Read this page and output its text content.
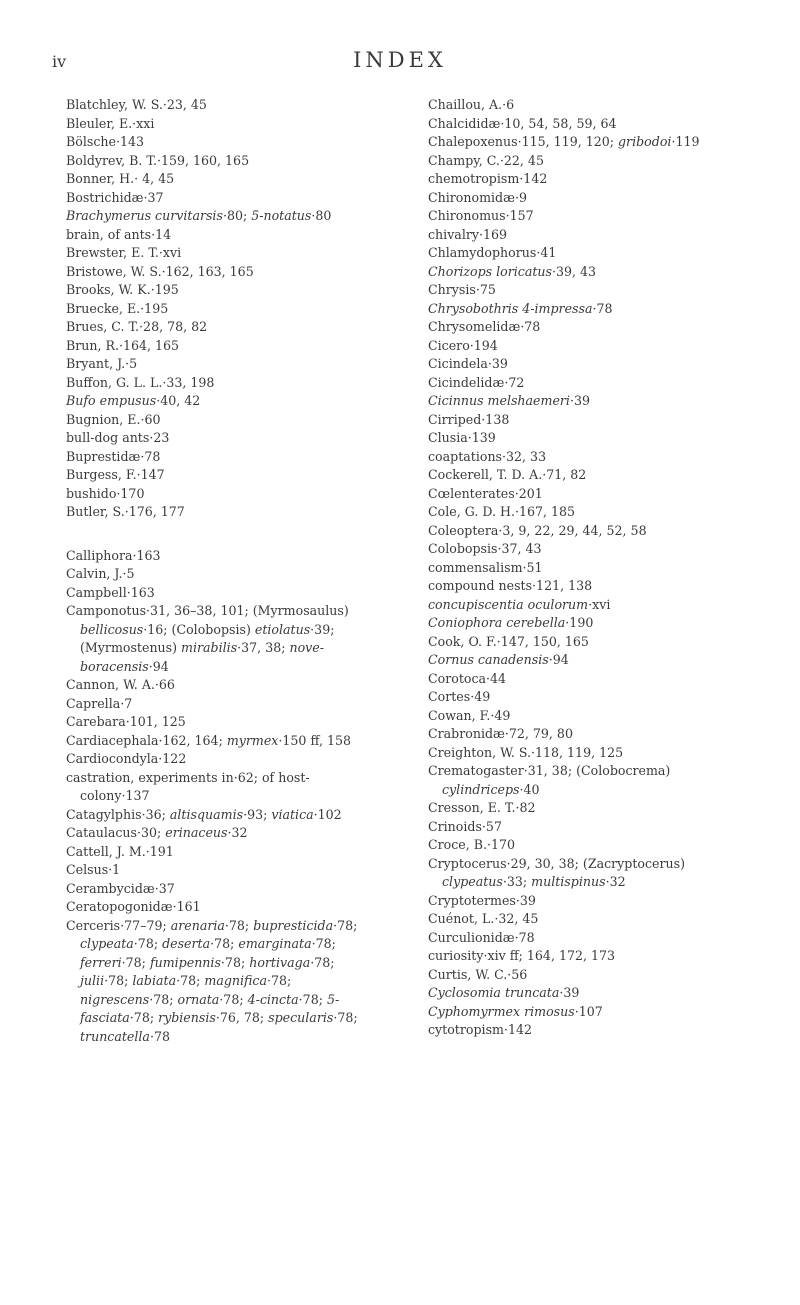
iv	INDEX
Blatchley, W. S.·23, 45
Bleuler, E.·xxi
Bölsche·143
Boldyrev, B. T.·159, 160, 165
Bonner, H.· 4, 45
Bostrichidæ·37
Brachymerus curvitarsis·80; 5-notatus·80
brain, of ants·14
Brewster, E. T.·xvi
Bristowe, W. S.·162, 163, 165
Brooks, W. K.·195
Bruecke, E.·195
Brues, C. T.·28, 78, 82
Brun, R.·164, 165
Bryant, J.·5
Buffon, G. L. L.·33, 198
Bufo empusus·40, 42
Bugnion, E.·60
bull-dog ants·23
Buprestidæ·78
Burgess, F.·147
bushido·170
Butler, S.·176, 177
Calliphora·163
Calvin, J.·5
Campbell·163
Camponotus·31, 36–38, 101; (Myrmosaulus) bellicosus·16; (Colobopsis) etiolatus·39; (Myrmostenus) mirabilis·37, 38; nove-boracensis·94
Cannon, W. A.·66
Caprella·7
Carebara·101, 125
Cardiacephala·162, 164; myrmex·150 ff, 158
Cardiocondyla·122
castration, experiments in·62; of host-colony·137
Catagylphis·36; altisquamis·93; viatica·102
Cataulacus·30; erinaceus·32
Cattell, J. M.·191
Celsus·1
Cerambycidæ·37
Ceratopogonidæ·161
Cerceris·77–79; arenaria·78; bupresticida·78; clypeata·78; deserta·78; emarginata·78; ferreri·78; fumipennis·78; hortivaga·78; julii·78; labiata·78; magnifica·78; nigrescens·78; ornata·78; 4-cincta·78; 5-fasciata·78; rybiensis·76, 78; specularis·78; truncatella·78
Chaillou, A.·6
Chalcididæ·10, 54, 58, 59, 64
Chalepoxenus·115, 119, 120; gribodoi·119
Champy, C.·22, 45
chemotropism·142
Chironomidæ·9
Chironomus·157
chivalry·169
Chlamydophorus·41
Chorizops loricatus·39, 43
Chrysis·75
Chrysobothris 4-impressa·78
Chrysomelidæ·78
Cicero·194
Cicindela·39
Cicindelidæ·72
Cicinnus melshaemeri·39
Cirriped·138
Clusia·139
coaptations·32, 33
Cockerell, T. D. A.·71, 82
Cœlenterates·201
Cole, G. D. H.·167, 185
Coleoptera·3, 9, 22, 29, 44, 52, 58
Colobopsis·37, 43
commensalism·51
compound nests·121, 138
concupiscentia oculorum·xvi
Coniophora cerebella·190
Cook, O. F.·147, 150, 165
Cornus canadensis·94
Corotoca·44
Cortes·49
Cowan, F.·49
Crabronidæ·72, 79, 80
Creighton, W. S.·118, 119, 125
Crematogaster·31, 38; (Colobocrema) cylindriceps·40
Cresson, E. T.·82
Crinoids·57
Croce, B.·170
Cryptocerus·29, 30, 38; (Zacryptocerus) clypeatus·33; multispinus·32
Cryptotermes·39
Cuénot, L.·32, 45
Curculionidæ·78
curiosity·xiv ff; 164, 172, 173
Curtis, W. C.·56
Cyclosomia truncata·39
Cyphomyrmex rimosus·107
cytotropism·142
